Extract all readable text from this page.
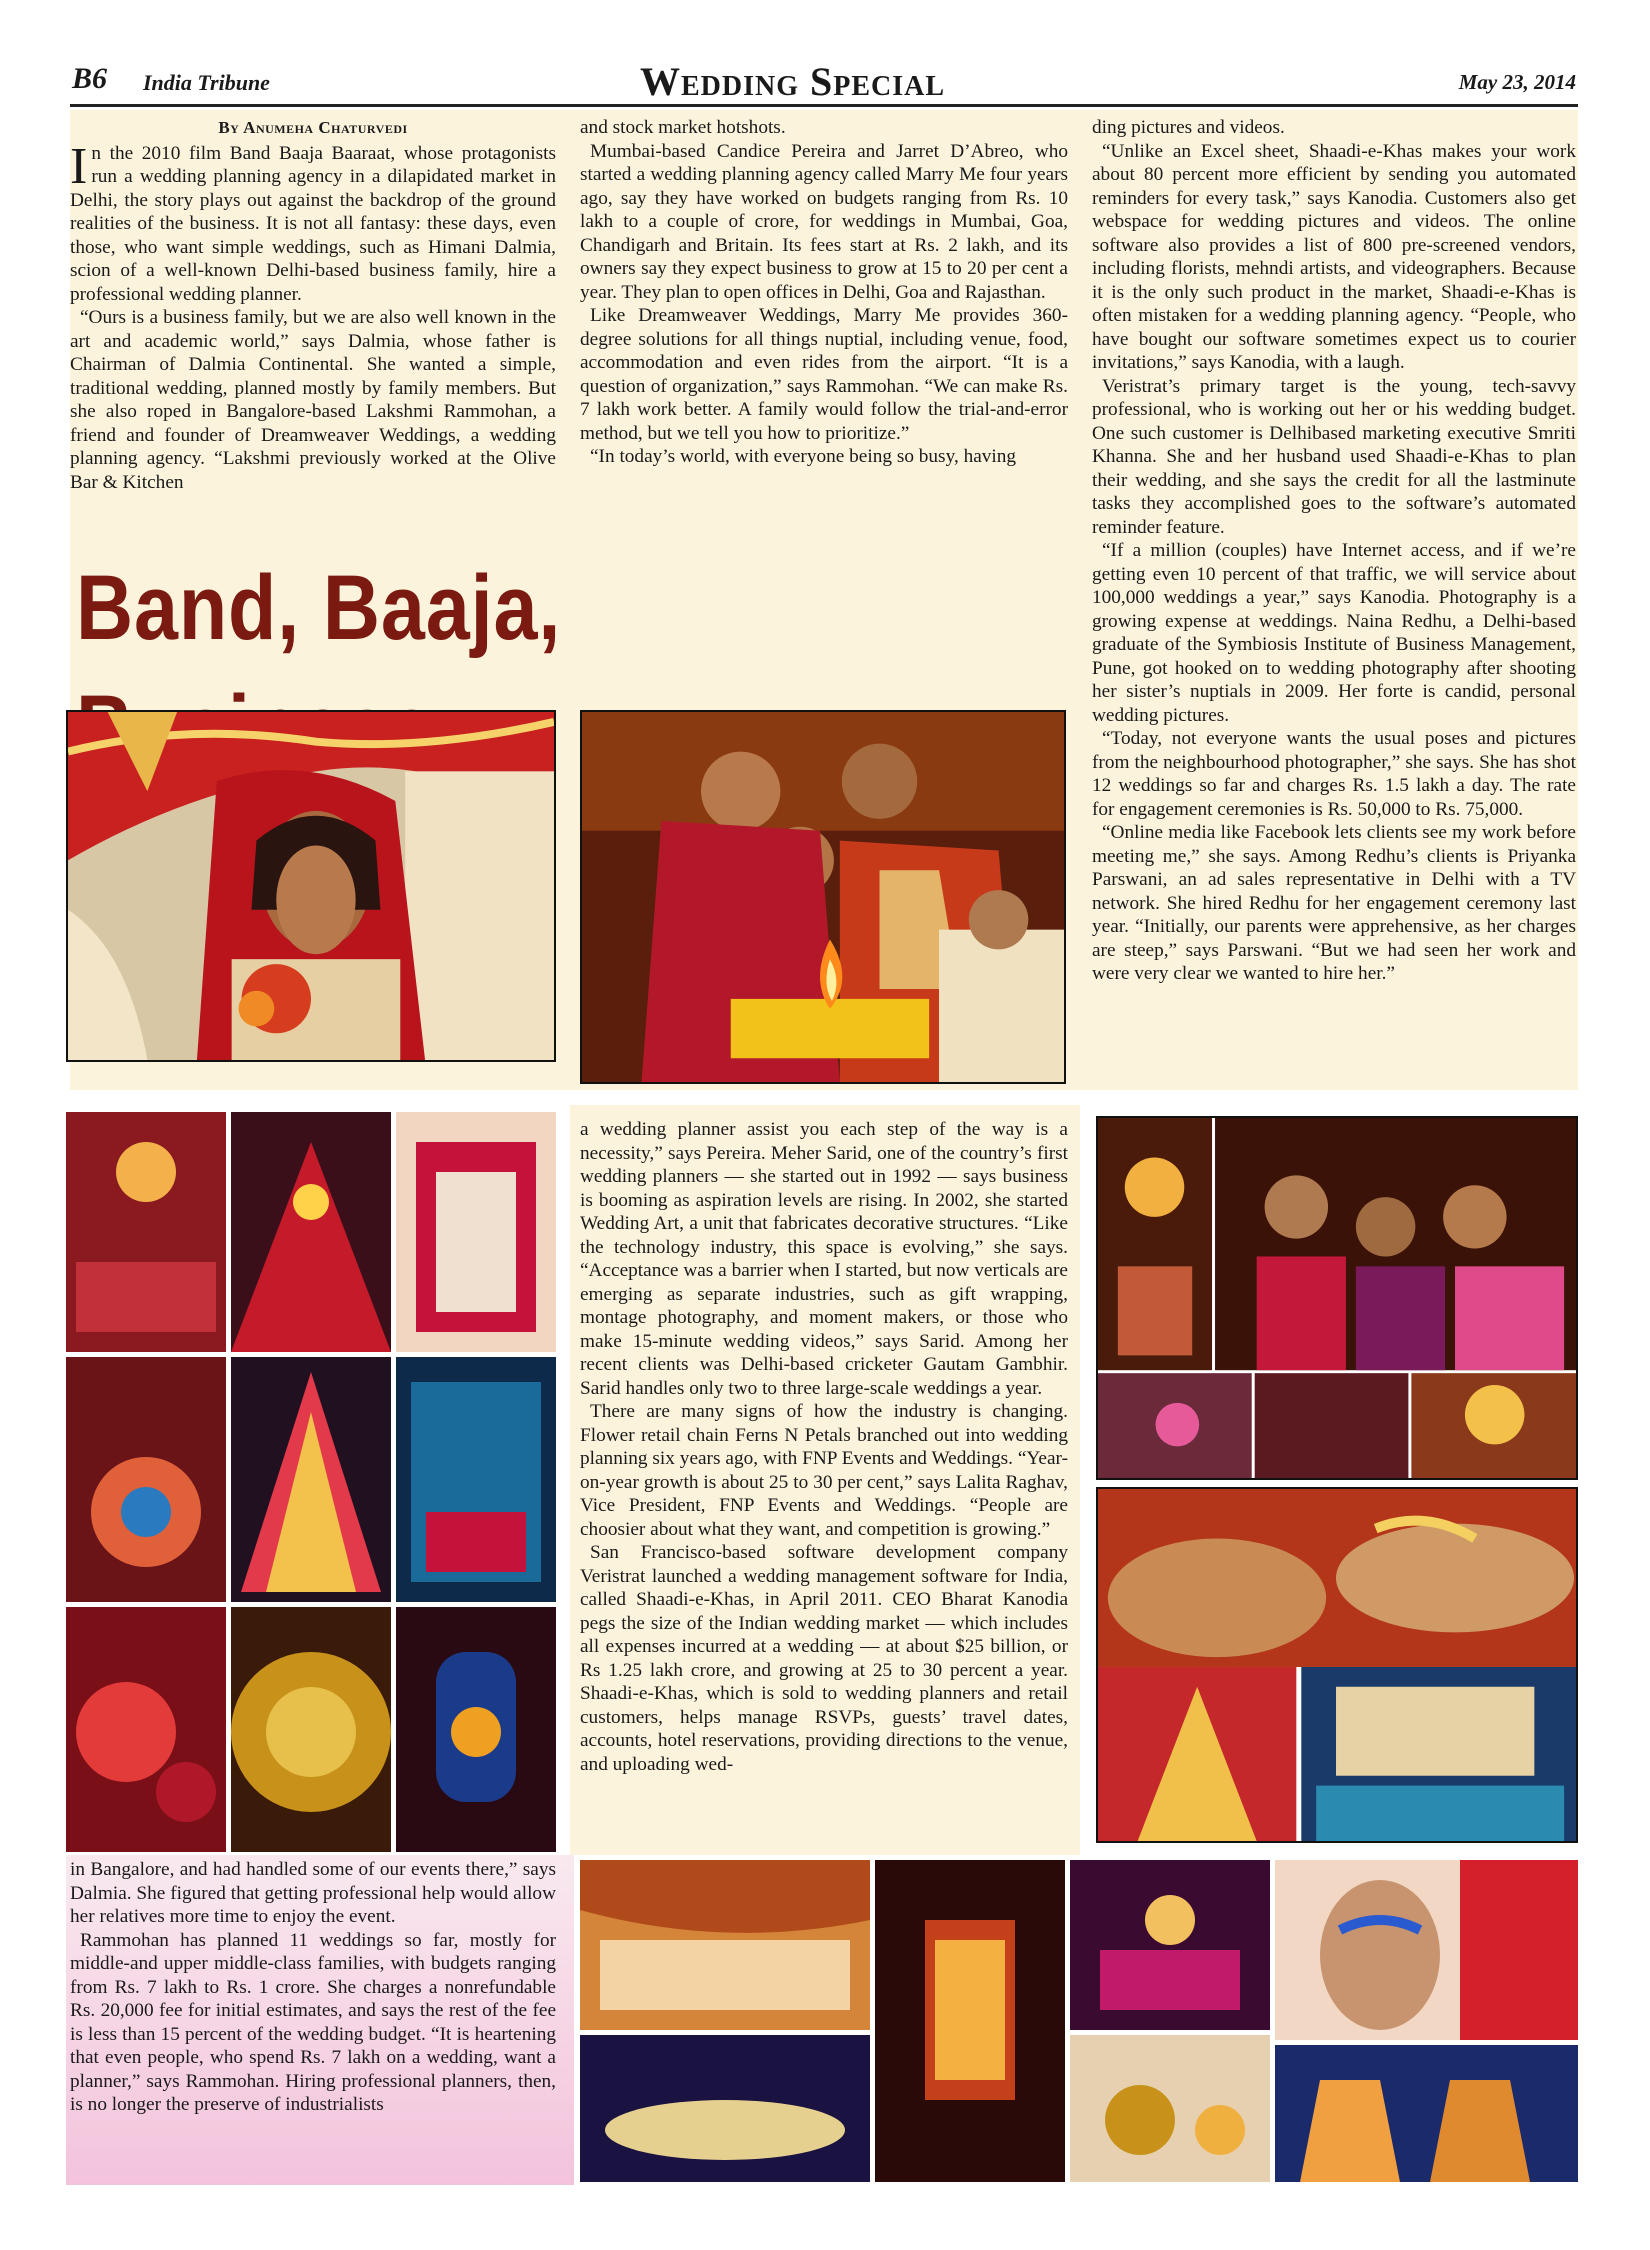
B6 India Tribune	Wedding Special	May 23, 2014
By Anumeha Chaturvedi

In the 2010 film Band Baaja Baaraat, whose protagonists run a wedding planning agency in a dilapidated market in Delhi, the story plays out against the backdrop of the ground realities of the business. It is not all fantasy: these days, even those, who want simple weddings, such as Himani Dalmia, scion of a well-known Delhi-based business family, hire a professional wedding planner.

“Ours is a business family, but we are also well known in the art and academic world,” says Dalmia, whose father is Chairman of Dalmia Continental. She wanted a simple, traditional wedding, planned mostly by family members. But she also roped in Bangalore-based Lakshmi Rammohan, a friend and founder of Dreamweaver Weddings, a wedding planning agency. “Lakshmi previously worked at the Olive Bar & Kitchen

and stock market hotshots.

Mumbai-based Candice Pereira and Jarret D’Abreo, who started a wedding planning agency called Marry Me four years ago, say they have worked on budgets ranging from Rs. 10 lakh to a couple of crore, for weddings in Mumbai, Goa, Chandigarh and Britain. Its fees start at Rs. 2 lakh, and its owners say they expect business to grow at 15 to 20 per cent a year. They plan to open offices in Delhi, Goa and Rajasthan.

Like Dreamweaver Weddings, Marry Me provides 360-degree solutions for all things nuptial, including venue, food, accommodation and even rides from the airport. “It is a question of organization,” says Rammohan. “We can make Rs. 7 lakh work better. A family would follow the trial-and-error method, but we tell you how to prioritize.”

“In today’s world, with everyone being so busy, having

ding pictures and videos.

“Unlike an Excel sheet, Shaadi-e-Khas makes your work about 80 percent more efficient by sending you automated reminders for every task,” says Kanodia. Customers also get webspace for wedding pictures and videos. The online software also provides a list of 800 pre-screened vendors, including florists, mehndi artists, and videographers. Because it is the only such product in the market, Shaadi-e-Khas is often mistaken for a wedding planning agency. “People, who have bought our software sometimes expect us to courier invitations,” says Kanodia, with a laugh.

Veristrat’s primary target is the young, tech-savvy professional, who is working out her or his wedding budget. One such customer is Delhibased marketing executive Smriti Khanna. She and her husband used Shaadi-e-Khas to plan their wedding, and she says the credit for all the lastminute tasks they accomplished goes to the software’s automated reminder feature.

“If a million (couples) have Internet access, and if we’re getting even 10 percent of that traffic, we will service about 100,000 weddings a year,” says Kanodia. Photography is a growing expense at weddings. Naina Redhu, a Delhi-based graduate of the Symbiosis Institute of Business Management, Pune, got hooked on to wedding photography after shooting her sister’s nuptials in 2009. Her forte is candid, personal wedding pictures.

“Today, not everyone wants the usual poses and pictures from the neighbourhood photographer,” she says. She has shot 12 weddings so far and charges Rs. 1.5 lakh a day. The rate for engagement ceremonies is Rs. 50,000 to Rs. 75,000.

“Online media like Facebook lets clients see my work before meeting me,” she says. Among Redhu’s clients is Priyanka Parswani, an ad sales representative in Delhi with a TV network. She hired Redhu for her engagement ceremony last year. “Initially, our parents were apprehensive, as her charges are steep,” says Parswani. “But we had seen her work and were very clear we wanted to hire her.”

Band, Baaja,

a wedding planner assist you each step of the way is a necessity,” says Pereira. Meher Sarid, one of the country’s first wedding planners — she started out in 1992 — says business is booming as aspiration levels are rising. In 2002, she started Wedding Art, a unit that fabricates decorative structures. “Like the technology industry, this space is evolving,” she says. “Acceptance was a barrier when I started, but now verticals are emerging as separate industries, such as gift wrapping, montage photography, and moment makers, or those who make 15-minute wedding videos,” says Sarid. Among her recent clients was Delhi-based cricketer Gautam Gambhir. Sarid handles only two to three large-scale weddings a year.

There are many signs of how the industry is changing. Flower retail chain Ferns N Petals branched out into wedding planning six years ago, with FNP Events and Weddings. “Year-on-year growth is about 25 to 30 per cent,” says Lalita Raghav, Vice President, FNP Events and Weddings. “People are choosier about what they want, and competition is growing.”

San Francisco-based software development company Veristrat launched a wedding management software for India, called Shaadi-e-Khas, in April 2011. CEO Bharat Kanodia pegs the size of the Indian wedding market — which includes all expenses incurred at a wedding — at about $25 billion, or Rs 1.25 lakh crore, and growing at 25 to 30 percent a year. Shaadi-e-Khas, which is sold to wedding planners and retail customers, helps manage RSVPs, guests’ travel dates, accounts, hotel reservations, providing directions to the venue, and uploading wed-

in Bangalore, and had handled some of our events there,” says Dalmia. She figured that getting professional help would allow her relatives more time to enjoy the event.

Rammohan has planned 11 weddings so far, mostly for middle-and upper middle-class families, with budgets ranging from Rs. 7 lakh to Rs. 1 crore. She charges a nonrefundable Rs. 20,000 fee for initial estimates, and says the rest of the fee is less than 15 percent of the wedding budget. “It is heartening that even people, who spend Rs. 7 lakh on a wedding, want a planner,” says Rammohan. Hiring professional planners, then, is no longer the preserve of industrialists
